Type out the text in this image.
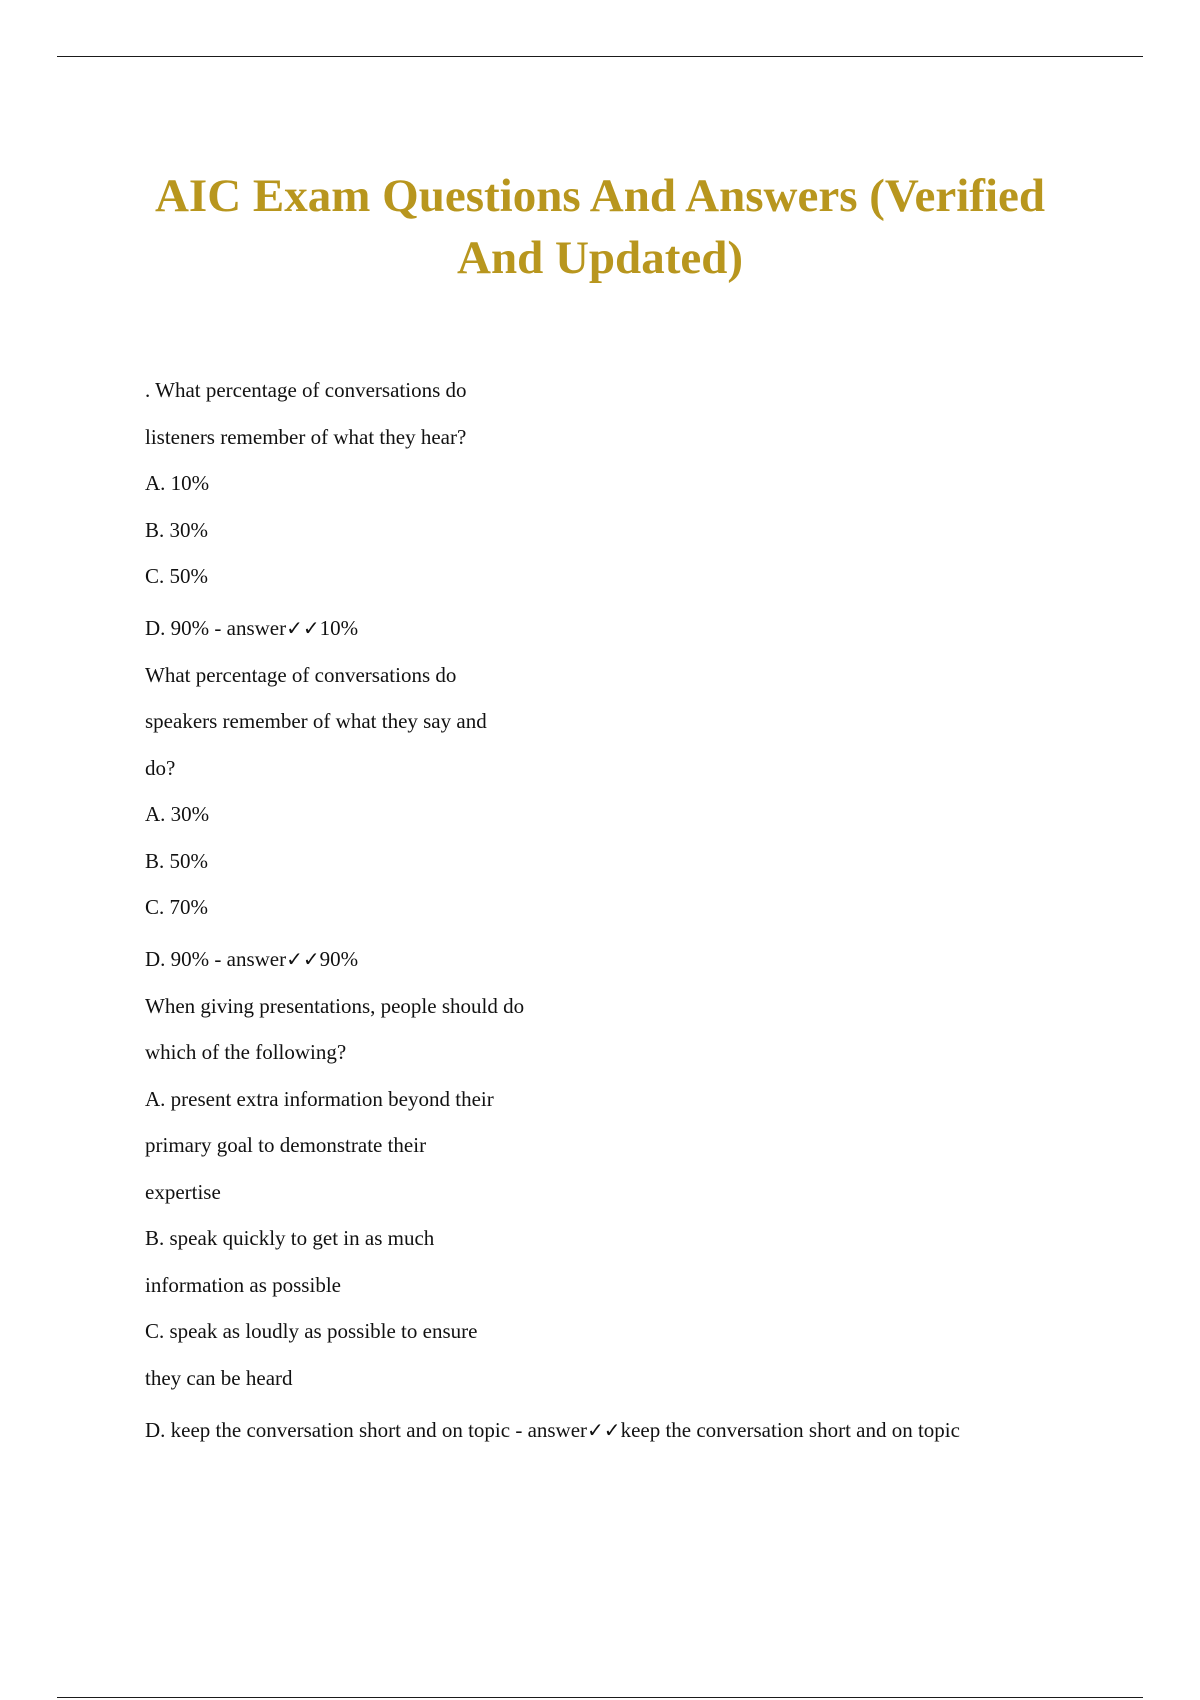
AIC Exam Questions And Answers (Verified
And Updated)
. What percentage of conversations do
listeners remember of what they hear?
A. 10%
B. 30%
C. 50%
D. 90% - answer✓✓10%
What percentage of conversations do
speakers remember of what they say and
do?
A. 30%
B. 50%
C. 70%
D. 90% - answer✓✓90%
When giving presentations, people should do
which of the following?
A. present extra information beyond their
primary goal to demonstrate their
expertise
B. speak quickly to get in as much
information as possible
C. speak as loudly as possible to ensure
they can be heard
D. keep the conversation short and on topic - answer✓✓keep the conversation short and on topic
